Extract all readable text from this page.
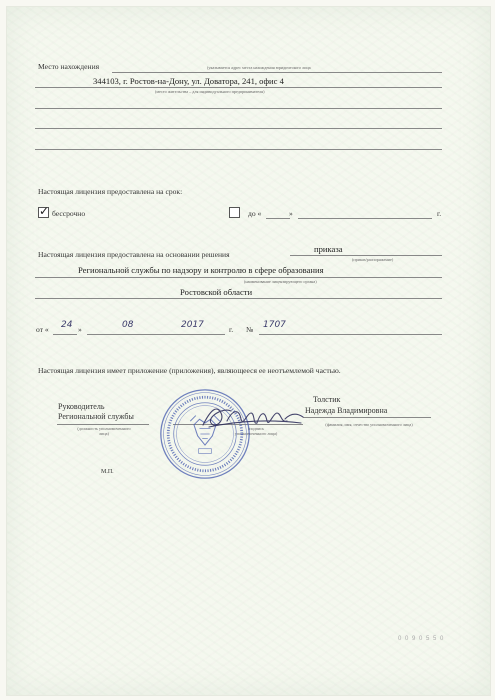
Место нахождения	(указывается адрес места нахождения юридического лица
344103, г. Ростов-на-Дону, ул. Доватора, 241, офис 4
(место жительства – для индивидуального предпринимателя)
Настоящая лицензия предоставлена на срок:
✓ бессрочно	до «	»	г.
Настоящая лицензия предоставлена на основании решения
приказа
(приказ/распоряжение)
Региональной службы по надзору и контролю в сфере образования
(наименование лицензирующего органа)
Ростовской области
от « 24 »	08	2017	г. № 1707
Настоящая лицензия имеет приложение (приложения), являющееся ее неотъемлемой частью.
Руководитель
Региональной службы
(должность уполномоченного лица)
(подпись уполномоченного лица)
Толстик
Надежда Владимировна
(фамилия, имя, отчество уполномоченного лица)
М.П.
0 0 9 0 5 5 0
